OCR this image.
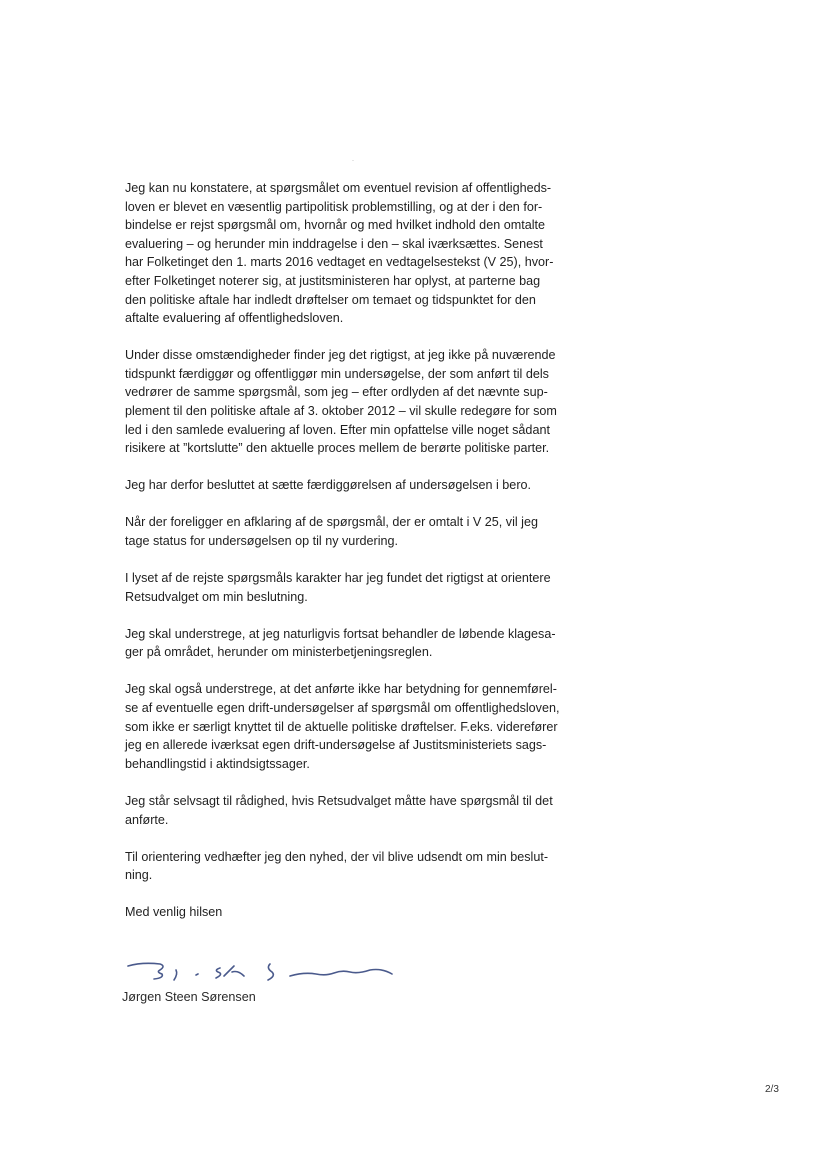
Jeg kan nu konstatere, at spørgsmålet om eventuel revision af offentligheds-
loven er blevet en væsentlig partipolitisk problemstilling, og at der i den for-
bindelse er rejst spørgsmål om, hvornår og med hvilket indhold den omtalte
evaluering – og herunder min inddragelse i den – skal iværksættes. Senest
har Folketinget den 1. marts 2016 vedtaget en vedtagelsestekst (V 25), hvor-
efter Folketinget noterer sig, at justitsministeren har oplyst, at parterne bag
den politiske aftale har indledt drøftelser om temaet og tidspunktet for den
aftalte evaluering af offentlighedsloven.

Under disse omstændigheder finder jeg det rigtigst, at jeg ikke på nuværende
tidspunkt færdiggør og offentliggør min undersøgelse, der som anført til dels
vedrører de samme spørgsmål, som jeg – efter ordlyden af det nævnte sup-
plement til den politiske aftale af 3. oktober 2012 – vil skulle redegøre for som
led i den samlede evaluering af loven. Efter min opfattelse ville noget sådant
risikere at ”kortslutte” den aktuelle proces mellem de berørte politiske parter.

Jeg har derfor besluttet at sætte færdiggørelsen af undersøgelsen i bero.

Når der foreligger en afklaring af de spørgsmål, der er omtalt i V 25, vil jeg
tage status for undersøgelsen op til ny vurdering.

I lyset af de rejste spørgsmåls karakter har jeg fundet det rigtigst at orientere
Retsudvalget om min beslutning.

Jeg skal understrege, at jeg naturligvis fortsat behandler de løbende klagesa-
ger på området, herunder om ministerbetjeningsreglen.

Jeg skal også understrege, at det anførte ikke har betydning for gennemførel-
se af eventuelle egen drift-undersøgelser af spørgsmål om offentlighedsloven,
som ikke er særligt knyttet til de aktuelle politiske drøftelser. F.eks. viderefører
jeg en allerede iværksat egen drift-undersøgelse af Justitsministeriets sags-
behandlingstid i aktindsigtssager.

Jeg står selvsagt til rådighed, hvis Retsudvalget måtte have spørgsmål til det
anførte.

Til orientering vedhæfter jeg den nyhed, der vil blive udsendt om min beslut-
ning.

Med venlig hilsen

Jørgen Steen Sørensen
2/3
